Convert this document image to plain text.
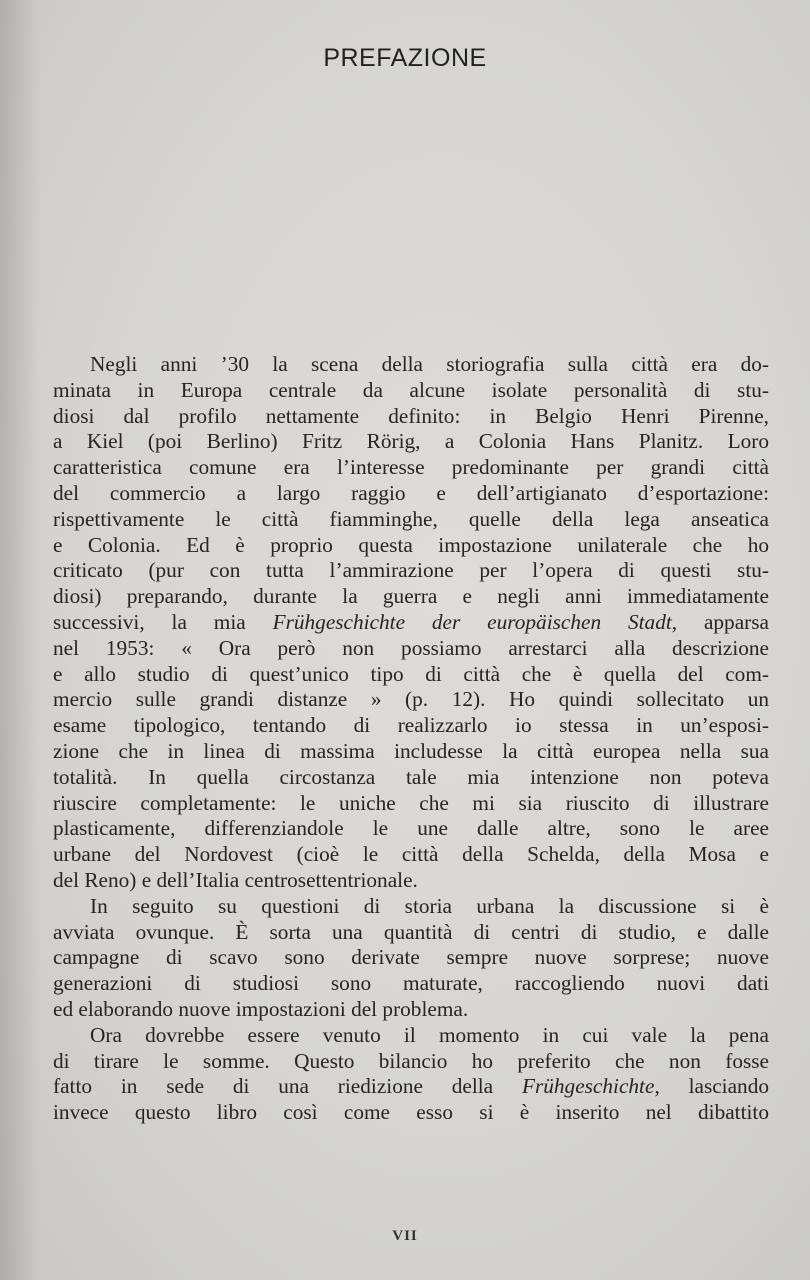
PREFAZIONE
Negli anni ’30 la scena della storiografia sulla città era do-
minata in Europa centrale da alcune isolate personalità di stu-
diosi dal profilo nettamente definito: in Belgio Henri Pirenne,
a Kiel (poi Berlino) Fritz Rörig, a Colonia Hans Planitz. Loro
caratteristica comune era l’interesse predominante per grandi città
del commercio a largo raggio e dell’artigianato d’esportazione:
rispettivamente le città fiamminghe, quelle della lega anseatica
e Colonia. Ed è proprio questa impostazione unilaterale che ho
criticato (pur con tutta l’ammirazione per l’opera di questi stu-
diosi) preparando, durante la guerra e negli anni immediatamente
successivi, la mia Frühgeschichte der europäischen Stadt, apparsa
nel 1953: « Ora però non possiamo arrestarci alla descrizione
e allo studio di quest’unico tipo di città che è quella del com-
mercio sulle grandi distanze » (p. 12). Ho quindi sollecitato un
esame tipologico, tentando di realizzarlo io stessa in un’esposi-
zione che in linea di massima includesse la città europea nella sua
totalità. In quella circostanza tale mia intenzione non poteva
riuscire completamente: le uniche che mi sia riuscito di illustrare
plasticamente, differenziandole le une dalle altre, sono le aree
urbane del Nordovest (cioè le città della Schelda, della Mosa e
del Reno) e dell’Italia centrosettentrionale.
In seguito su questioni di storia urbana la discussione si è
avviata ovunque. È sorta una quantità di centri di studio, e dalle
campagne di scavo sono derivate sempre nuove sorprese; nuove
generazioni di studiosi sono maturate, raccogliendo nuovi dati
ed elaborando nuove impostazioni del problema.
Ora dovrebbe essere venuto il momento in cui vale la pena
di tirare le somme. Questo bilancio ho preferito che non fosse
fatto in sede di una riedizione della Frühgeschichte, lasciando
invece questo libro così come esso si è inserito nel dibattito
VII
